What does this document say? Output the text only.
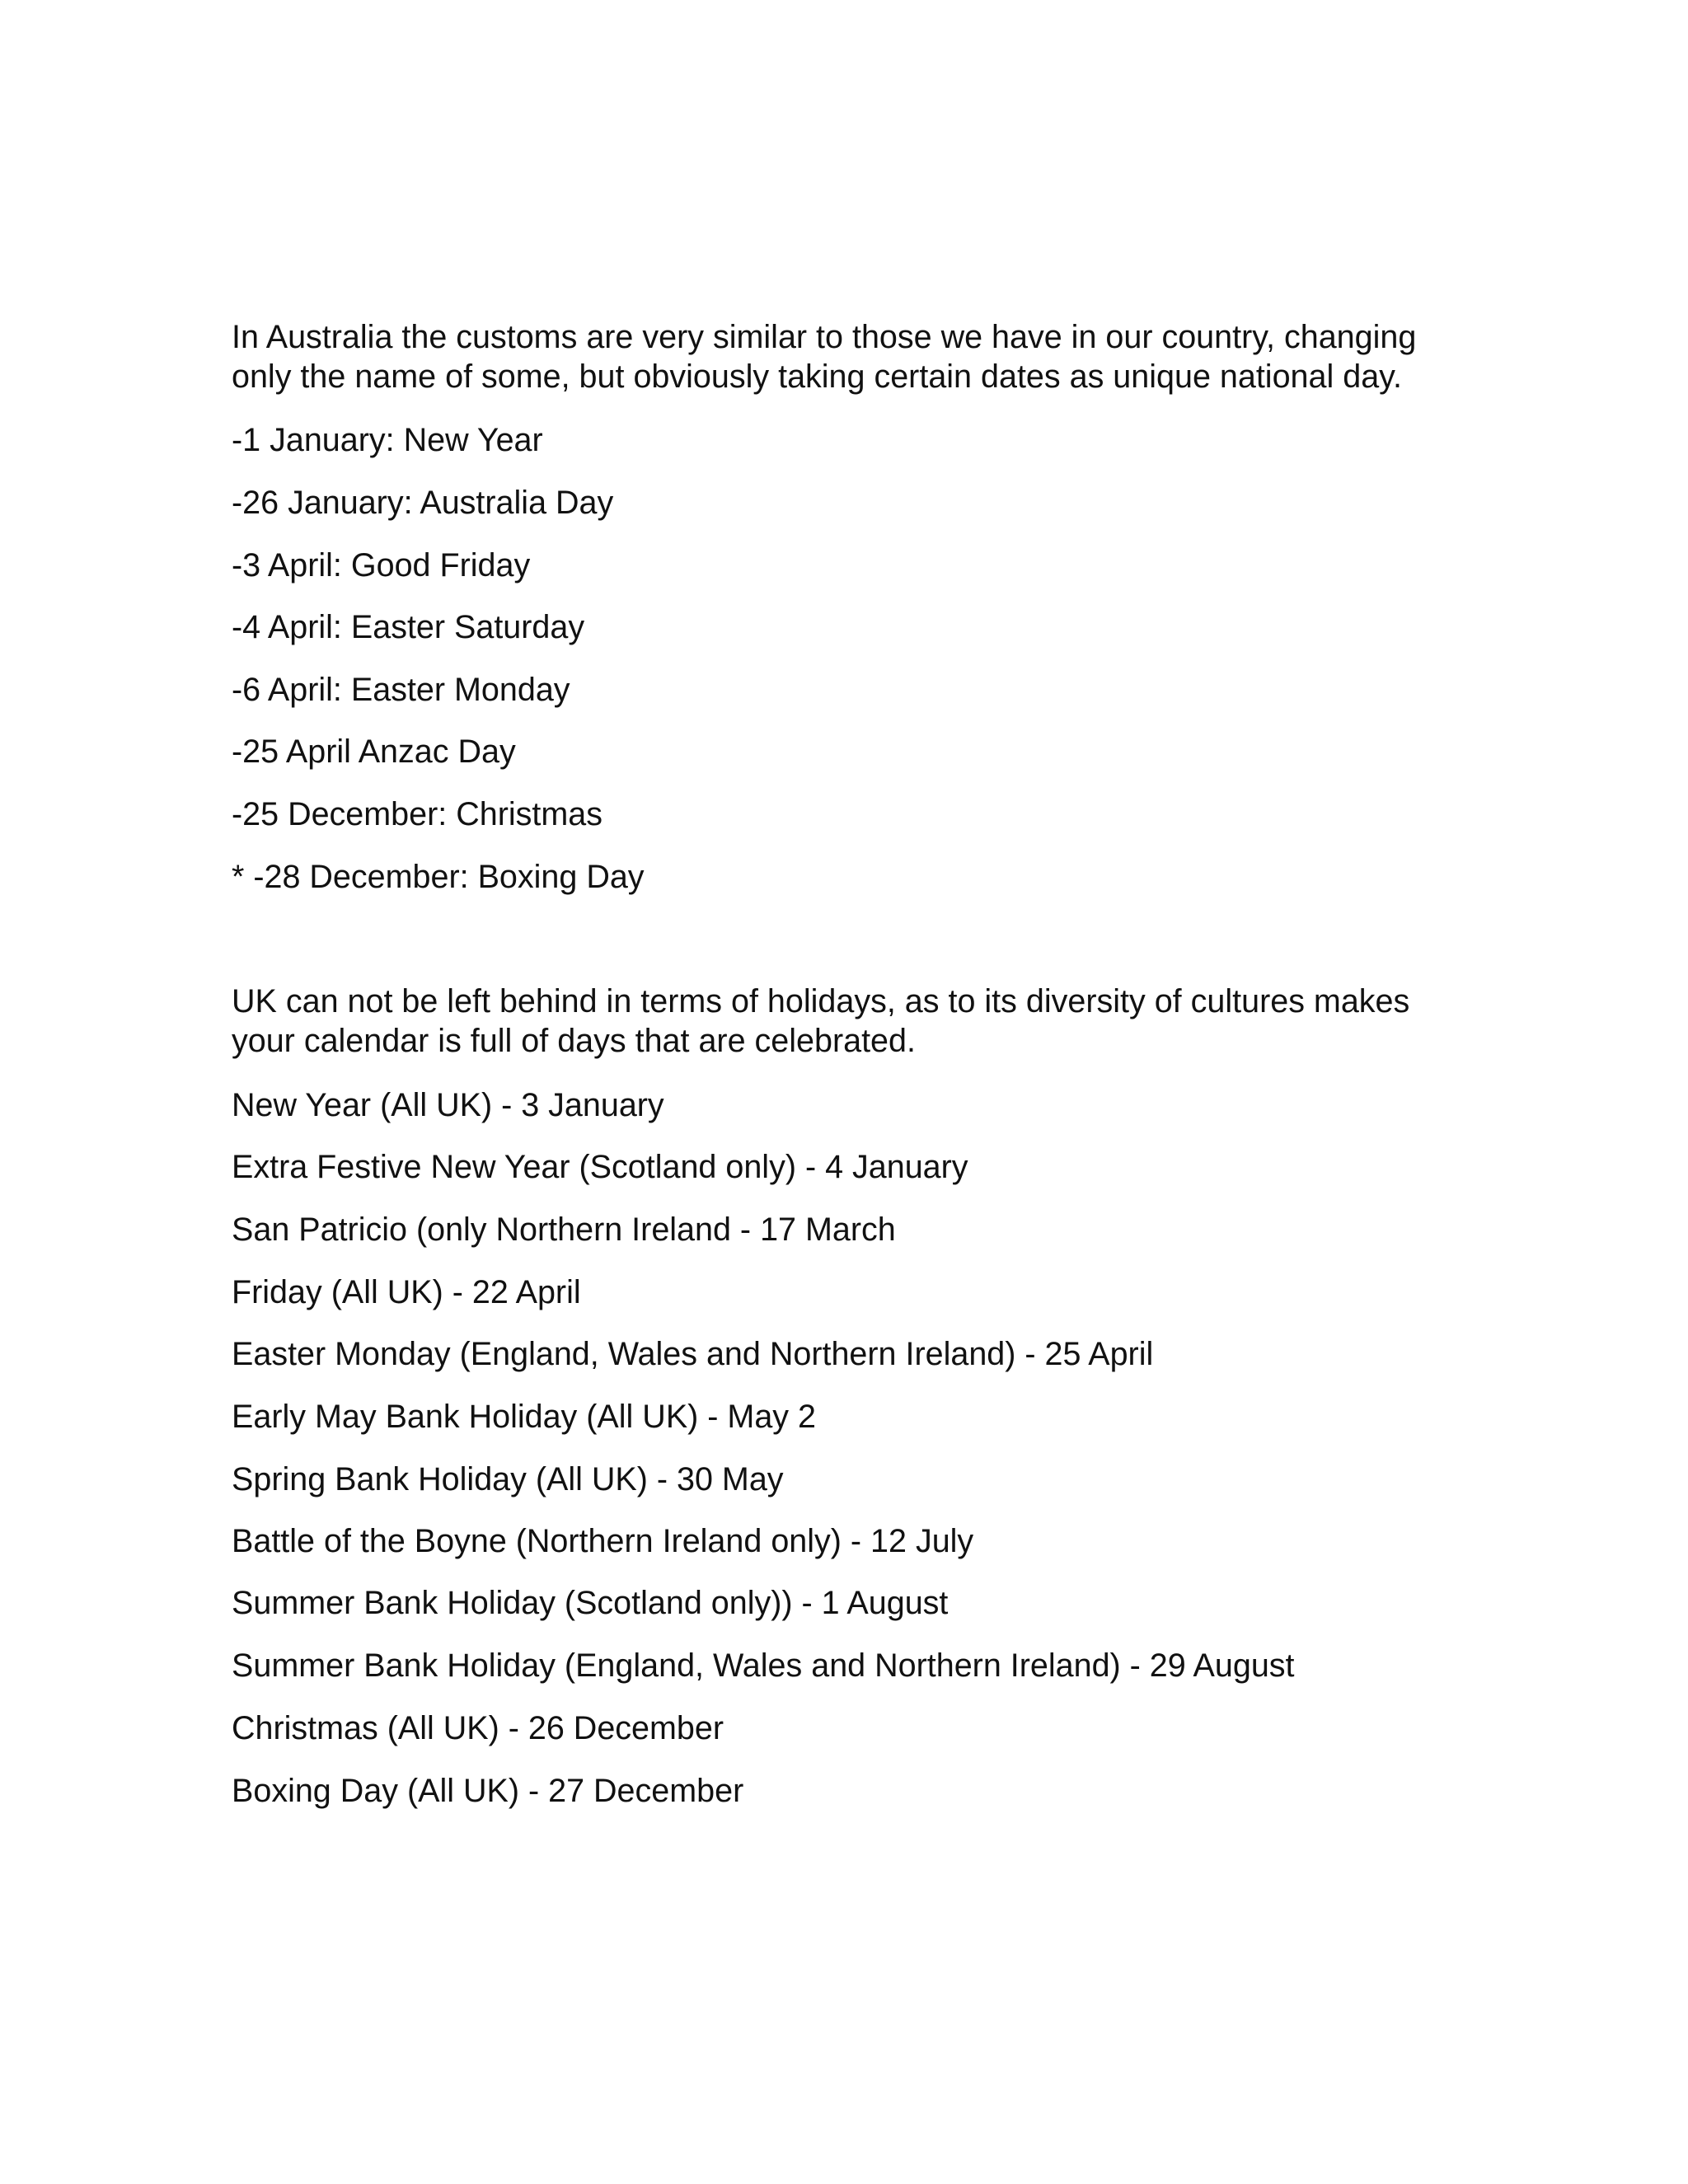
In Australia the customs are very similar to those we have in our country, changing only the name of some, but obviously taking certain dates as unique national day.

-1 January: New Year

-26 January: Australia Day

-3 April: Good Friday

-4 April: Easter Saturday

-6 April: Easter Monday

-25 April Anzac Day

-25 December: Christmas

* -28 December: Boxing Day

UK can not be left behind in terms of holidays, as to its diversity of cultures makes your calendar is full of days that are celebrated.

New Year (All UK) - 3 January

Extra Festive New Year (Scotland only) - 4 January

San Patricio (only Northern Ireland - 17 March

Friday (All UK) - 22 April

Easter Monday (England, Wales and Northern Ireland) - 25 April

Early May Bank Holiday (All UK) - May 2

Spring Bank Holiday (All UK) - 30 May

Battle of the Boyne (Northern Ireland only) - 12 July

Summer Bank Holiday (Scotland only)) - 1 August

Summer Bank Holiday (England, Wales and Northern Ireland) - 29 August

Christmas (All UK) - 26 December

Boxing Day (All UK) - 27 December
